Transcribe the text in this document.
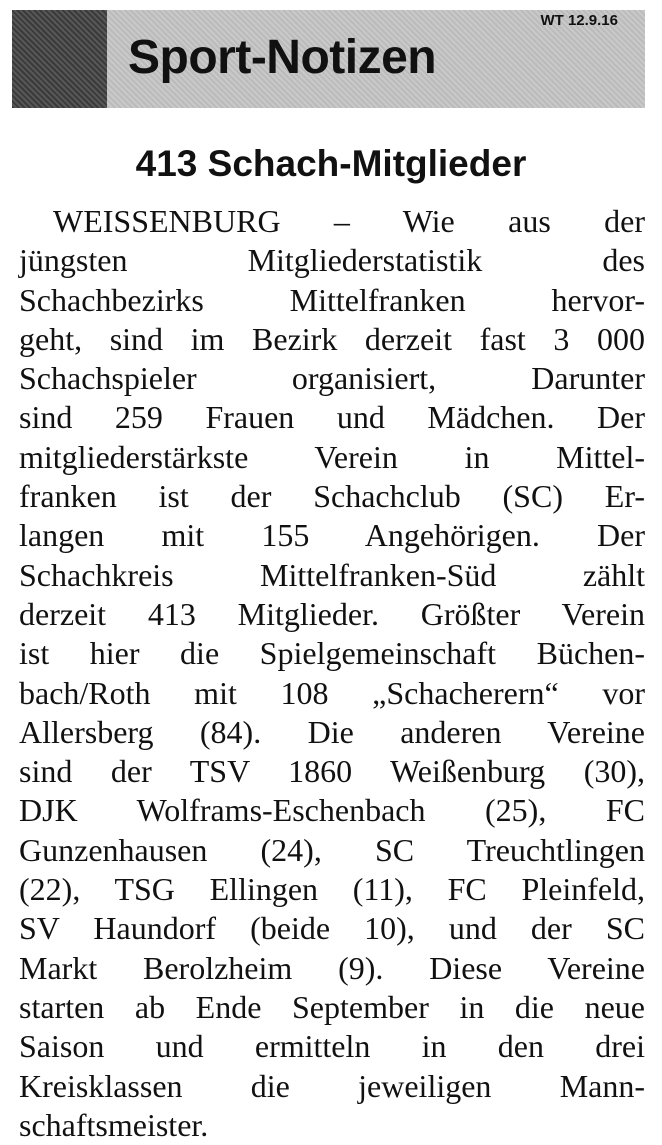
Sport-Notizen
WT 12.9.16
413 Schach-Mitglieder
WEISSENBURG – Wie aus der
jüngsten Mitgliederstatistik des
Schachbezirks Mittelfranken hervor-
geht, sind im Bezirk derzeit fast 3 000
Schachspieler organisiert, Darunter
sind 259 Frauen und Mädchen. Der
mitgliederstärkste Verein in Mittel-
franken ist der Schachclub (SC) Er-
langen mit 155 Angehörigen. Der
Schachkreis Mittelfranken-Süd zählt
derzeit 413 Mitglieder. Größter Verein
ist hier die Spielgemeinschaft Büchen-
bach/Roth mit 108 „Schacherern“ vor
Allersberg (84). Die anderen Vereine
sind der TSV 1860 Weißenburg (30),
DJK Wolframs-Eschenbach (25), FC
Gunzenhausen (24), SC Treuchtlingen
(22), TSG Ellingen (11), FC Pleinfeld,
SV Haundorf (beide 10), und der SC
Markt Berolzheim (9). Diese Vereine
starten ab Ende September in die neue
Saison und ermitteln in den drei
Kreisklassen die jeweiligen Mann-
schaftsmeister.
